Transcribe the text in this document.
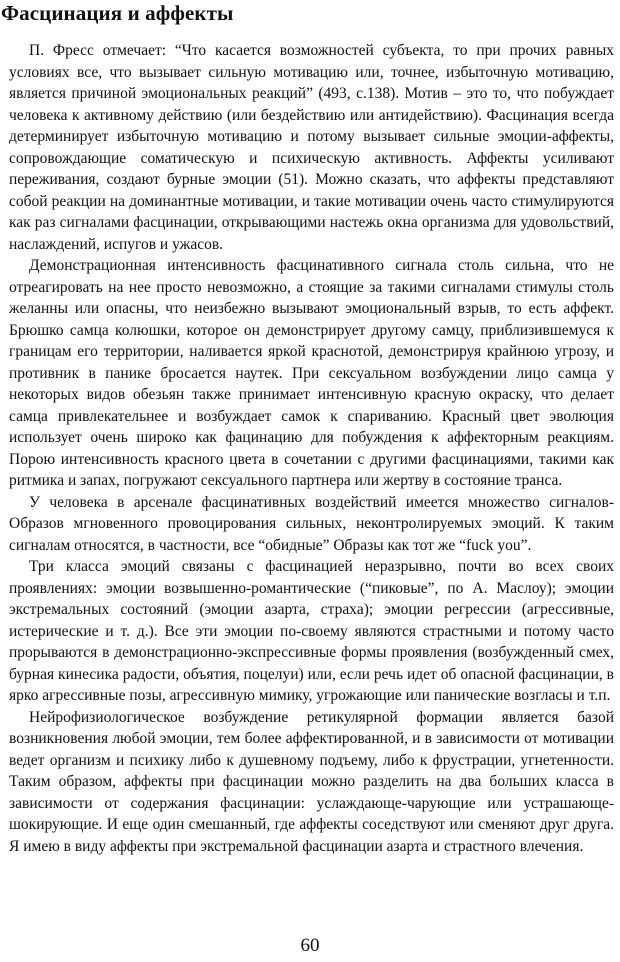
Фасцинация и аффекты

П. Фресс отмечает: “Что касается возможностей субъекта, то при прочих равных условиях все, что вызывает сильную мотивацию или, точнее, избыточную мотивацию, является причиной эмоциональных реакций” (493, с.138). Мотив – это то, что побуждает человека к активному действию (или бездействию или антидействию). Фасцинация всегда детерминирует избыточную мотивацию и потому вызывает сильные эмоции-аффекты, сопровождающие соматическую и психическую активность. Аффекты усиливают переживания, создают бурные эмоции (51). Можно сказать, что аффекты представляют собой реакции на доминантные мотивации, и такие мотивации очень часто стимулируются как раз сигналами фасцинации, открывающими настежь окна организма для удовольствий, наслаждений, испугов и ужасов.

Демонстрационная интенсивность фасцинативного сигнала столь сильна, что не отреагировать на нее просто невозможно, а стоящие за такими сигналами стимулы столь желанны или опасны, что неизбежно вызывают эмоциональный взрыв, то есть аффект. Брюшко самца колюшки, которое он демонстрирует другому самцу, приблизившемуся к границам его территории, наливается яркой краснотой, демонстрируя крайнюю угрозу, и противник в панике бросается наутек. При сексуальном возбуждении лицо самца у некоторых видов обезьян также принимает интенсивную красную окраску, что делает самца привлекательнее и возбуждает самок к спариванию. Красный цвет эволюция использует очень широко как фацинацию для побуждения к аффекторным реакциям. Порою интенсивность красного цвета в сочетании с другими фасцинациями, такими как ритмика и запах, погружают сексуального партнера или жертву в состояние транса.

У человека в арсенале фасцинативных воздействий имеется множество сигналов-Образов мгновенного провоцирования сильных, неконтролируемых эмоций. К таким сигналам относятся, в частности, все “обидные” Образы как тот же “fuck you”.

Три класса эмоций связаны с фасцинацией неразрывно, почти во всех своих проявлениях: эмоции возвышенно-романтические (“пиковые”, по А. Маслоу); эмоции экстремальных состояний (эмоции азарта, страха); эмоции регрессии (агрессивные, истерические и т. д.). Все эти эмоции по-своему являются страстными и потому часто прорываются в демонстрационно-экспрессивные формы проявления (возбужденный смех, бурная кинесика радости, объятия, поцелуи) или, если речь идет об опасной фасцинации, в ярко агрессивные позы, агрессивную мимику, угрожающие или панические возгласы и т.п.

Нейрофизиологическое возбуждение ретикулярной формации является базой возникновения любой эмоции, тем более аффектированной, и в зависимости от мотивации ведет организм и психику либо к душевному подъему, либо к фрустрации, угнетенности. Таким образом, аффекты при фасцинации можно разделить на два больших класса в зависимости от содержания фасцинации: услаждающе-чарующие или устрашающе-шокирующие. И еще один смешанный, где аффекты соседствуют или сменяют друг друга. Я имею в виду аффекты при экстремальной фасцинации азарта и страстного влечения.

60
